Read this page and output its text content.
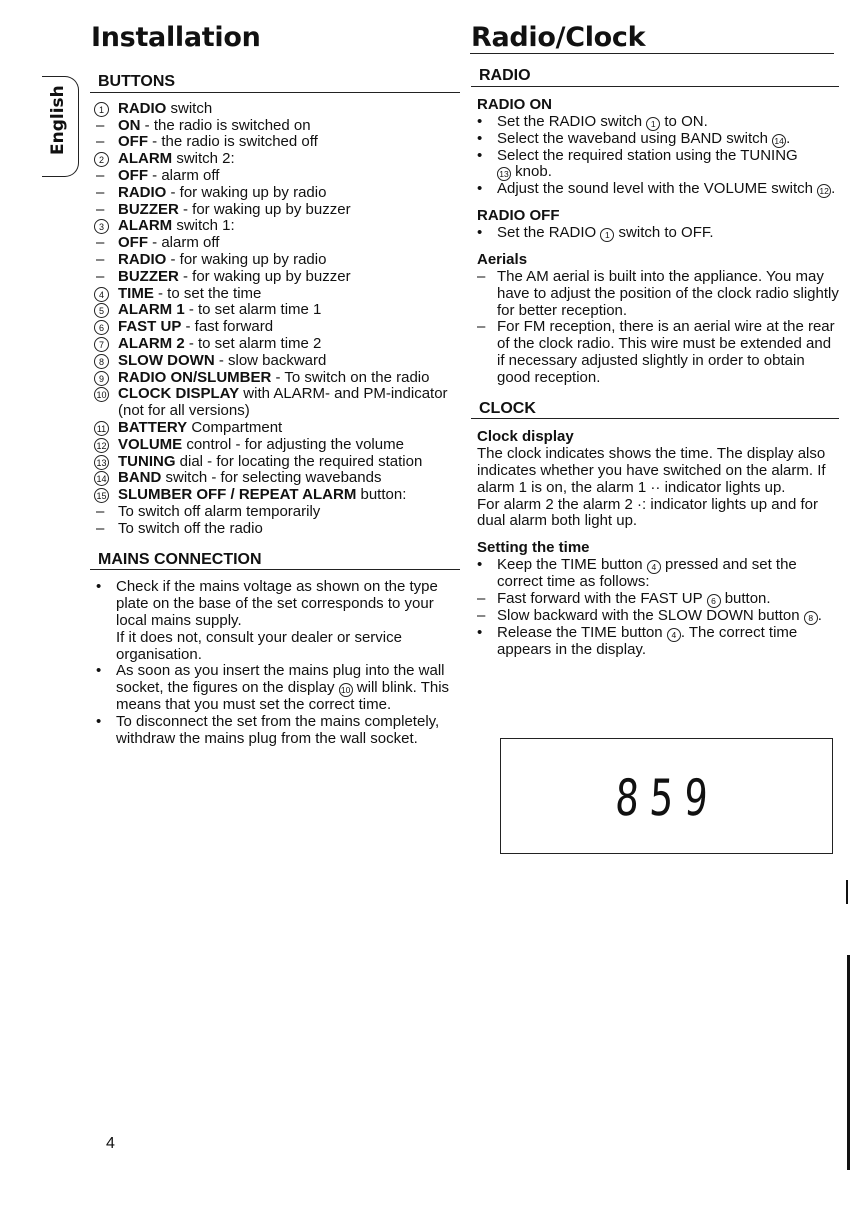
Installation	Radio/Clock
English
BUTTONS
1 RADIO switch
– ON - the radio is switched on
– OFF - the radio is switched off
2 ALARM switch 2:
– OFF - alarm off
– RADIO - for waking up by radio
– BUZZER - for waking up by buzzer
3 ALARM switch 1:
– OFF - alarm off
– RADIO - for waking up by radio
– BUZZER - for waking up by buzzer
4 TIME - to set the time
5 ALARM 1 - to set alarm time 1
6 FAST UP - fast forward
7 ALARM 2 - to set alarm time 2
8 SLOW DOWN - slow backward
9 RADIO ON/SLUMBER - To switch on the radio
10 CLOCK DISPLAY with ALARM- and PM-indicator (not for all versions)
11 BATTERY Compartment
12 VOLUME control - for adjusting the volume
13 TUNING dial - for locating the required station
14 BAND switch - for selecting wavebands
15 SLUMBER OFF / REPEAT ALARM button:
– To switch off alarm temporarily
– To switch off the radio
MAINS CONNECTION
• Check if the mains voltage as shown on the type plate on the base of the set corresponds to your local mains supply.
If it does not, consult your dealer or service organisation.
• As soon as you insert the mains plug into the wall socket, the figures on the display 10 will blink. This means that you must set the correct time.
• To disconnect the set from the mains completely, withdraw the mains plug from the wall socket.
RADIO
RADIO ON
• Set the RADIO switch 1 to ON.
• Select the waveband using BAND switch 14 .
• Select the required station using the TUNING
13 knob.
• Adjust the sound level with the VOLUME switch 12 .
RADIO OFF
• Set the RADIO 1 switch to OFF.
Aerials
– The AM aerial is built into the appliance. You may have to adjust the position of the clock radio slightly for better reception.
– For FM reception, there is an aerial wire at the rear of the clock radio. This wire must be extended and if necessary adjusted slightly in order to obtain good reception.
CLOCK
Clock display
The clock indicates shows the time. The display also indicates whether you have switched on the alarm. If alarm 1 is on, the alarm 1 ·· indicator lights up.
For alarm 2 the alarm 2 ·: indicator lights up and for dual alarm both light up.
Setting the time
• Keep the TIME button 4 pressed and set the correct time as follows:
– Fast forward with the FAST UP 6 button.
– Slow backward with the SLOW DOWN button 8 .
• Release the TIME button 4 . The correct time appears in the display.
859
4
